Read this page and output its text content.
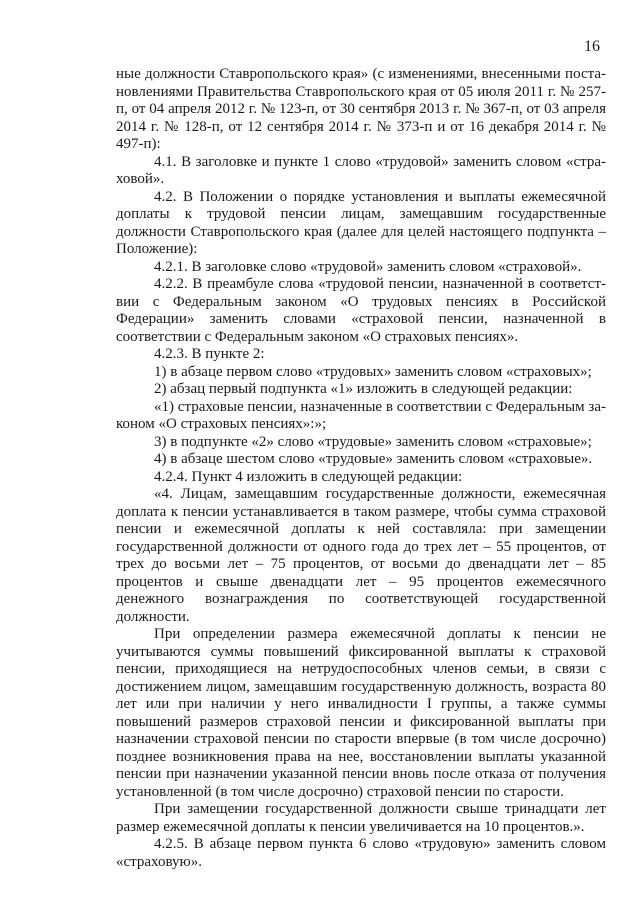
16

ные должности Ставропольского края» (с изменениями, внесенными постановлениями Правительства Ставропольского края от 05 июля 2011 г. № 257-п, от 04 апреля 2012 г. № 123-п, от 30 сентября 2013 г. № 367-п, от 03 апреля 2014 г. № 128-п, от 12 сентября 2014 г. № 373-п и от 16 декабря 2014 г. № 497-п):

4.1. В заголовке и пункте 1 слово «трудовой» заменить словом «страховой».

4.2. В Положении о порядке установления и выплаты ежемесячной доплаты к трудовой пенсии лицам, замещавшим государственные должности Ставропольского края (далее для целей настоящего подпункта – Положение):

4.2.1. В заголовке слово «трудовой» заменить словом «страховой».

4.2.2. В преамбуле слова «трудовой пенсии, назначенной в соответствии с Федеральным законом «О трудовых пенсиях в Российской Федерации» заменить словами «страховой пенсии, назначенной в соответствии с Федеральным законом «О страховых пенсиях».

4.2.3. В пункте 2:

1) в абзаце первом слово «трудовых» заменить словом «страховых»;

2) абзац первый подпункта «1» изложить в следующей редакции:

«1) страховые пенсии, назначенные в соответствии с Федеральным законом «О страховых пенсиях»:»;

3) в подпункте «2» слово «трудовые» заменить словом «страховые»;

4) в абзаце шестом слово «трудовые» заменить словом «страховые».

4.2.4. Пункт 4 изложить в следующей редакции:

«4. Лицам, замещавшим государственные должности, ежемесячная доплата к пенсии устанавливается в таком размере, чтобы сумма страховой пенсии и ежемесячной доплаты к ней составляла: при замещении государственной должности от одного года до трех лет – 55 процентов, от трех до восьми лет – 75 процентов, от восьми до двенадцати лет – 85 процентов и свыше двенадцати лет – 95 процентов ежемесячного денежного вознаграждения по соответствующей государственной должности.

При определении размера ежемесячной доплаты к пенсии не учитываются суммы повышений фиксированной выплаты к страховой пенсии, приходящиеся на нетрудоспособных членов семьи, в связи с достижением лицом, замещавшим государственную должность, возраста 80 лет или при наличии у него инвалидности I группы, а также суммы повышений размеров страховой пенсии и фиксированной выплаты при назначении страховой пенсии по старости впервые (в том числе досрочно) позднее возникновения права на нее, восстановлении выплаты указанной пенсии при назначении указанной пенсии вновь после отказа от получения установленной (в том числе досрочно) страховой пенсии по старости.

При замещении государственной должности свыше тринадцати лет размер ежемесячной доплаты к пенсии увеличивается на 10 процентов.».

4.2.5. В абзаце первом пункта 6 слово «трудовую» заменить словом «страховую».
